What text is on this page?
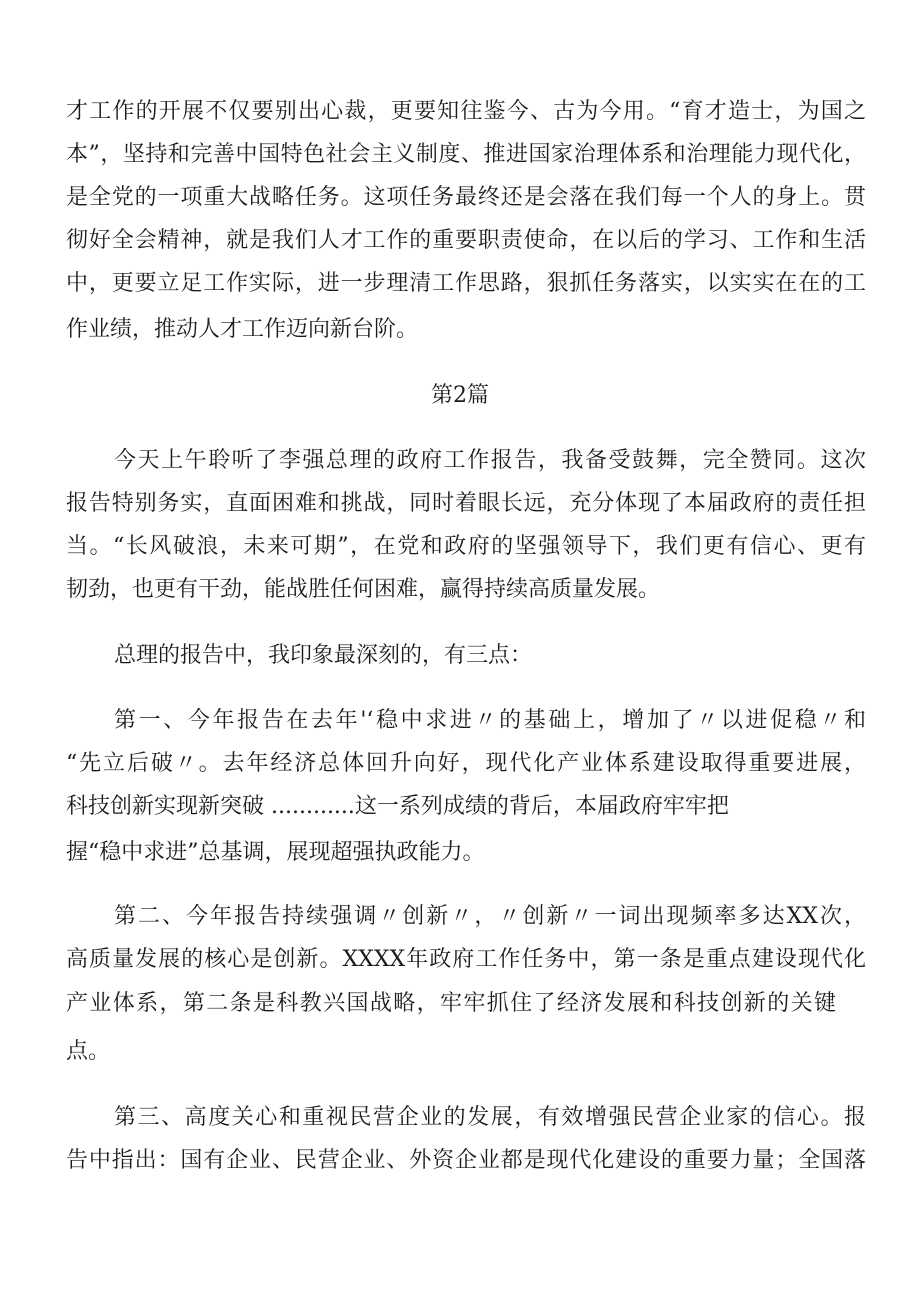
才工作的开展不仅要别出心裁，更要知往鉴今、古为今用。“育才造士，为国之
本”，坚持和完善中国特色社会主义制度、推进国家治理体系和治理能力现代化，
是全党的一项重大战略任务。这项任务最终还是会落在我们每一个人的身上。贯
彻好全会精神，就是我们人才工作的重要职责使命，在以后的学习、工作和生活
中，更要立足工作实际，进一步理清工作思路，狠抓任务落实，以实实在在的工
作业绩，推动人才工作迈向新台阶。
第2篇
今天上午聆听了李强总理的政府工作报告，我备受鼓舞，完全赞同。这次
报告特别务实，直面困难和挑战，同时着眼长远，充分体现了本届政府的责任担
当。“长风破浪，未来可期”，在党和政府的坚强领导下，我们更有信心、更有
韧劲，也更有干劲，能战胜任何困难，赢得持续高质量发展。
总理的报告中，我印象最深刻的，有三点：
第一、今年报告在去年'‘稳中求进〃的基础上，增加了〃以进促稳〃和
“先立后破〃。去年经济总体回升向好，现代化产业体系建设取得重要进展，
科技创新实现新突破 ............这一系列成绩的背后，本届政府牢牢把
握“稳中求进”总基调，展现超强执政能力。
第二、今年报告持续强调〃创新〃，〃创新〃一词出现频率多达XX次，
高质量发展的核心是创新。XXXX年政府工作任务中，第一条是重点建设现代化
产业体系，第二条是科教兴国战略，牢牢抓住了经济发展和科技创新的关键
点。
第三、高度关心和重视民营企业的发展，有效增强民营企业家的信心。报
告中指出：国有企业、民营企业、外资企业都是现代化建设的重要力量；全国落
